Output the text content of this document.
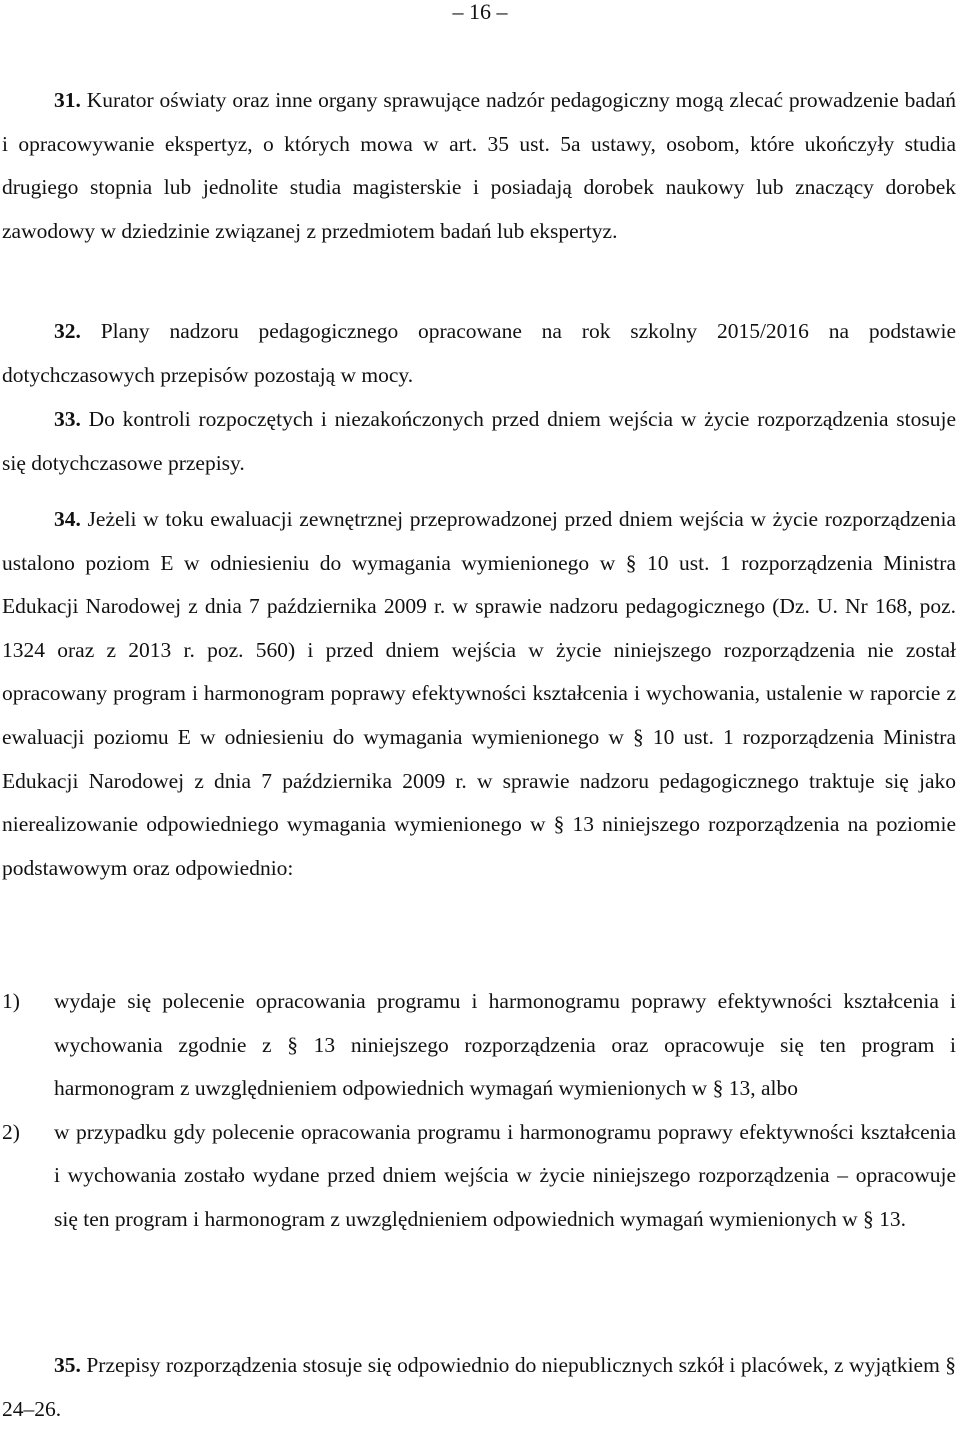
– 16 –

31. Kurator oświaty oraz inne organy sprawujące nadzór pedagogiczny mogą zlecać prowadzenie badań i opracowywanie ekspertyz, o których mowa w art. 35 ust. 5a ustawy, osobom, które ukończyły studia drugiego stopnia lub jednolite studia magisterskie i posiadają dorobek naukowy lub znaczący dorobek zawodowy w dziedzinie związanej z przedmiotem badań lub ekspertyz.

32. Plany nadzoru pedagogicznego opracowane na rok szkolny 2015/2016 na podstawie dotychczasowych przepisów pozostają w mocy.

33. Do kontroli rozpoczętych i niezakończonych przed dniem wejścia w życie rozporządzenia stosuje się dotychczasowe przepisy.

34. Jeżeli w toku ewaluacji zewnętrznej przeprowadzonej przed dniem wejścia w życie rozporządzenia ustalono poziom E w odniesieniu do wymagania wymienionego w § 10 ust. 1 rozporządzenia Ministra Edukacji Narodowej z dnia 7 października 2009 r. w sprawie nadzoru pedagogicznego (Dz. U. Nr 168, poz. 1324 oraz z 2013 r. poz. 560) i przed dniem wejścia w życie niniejszego rozporządzenia nie został opracowany program i harmonogram poprawy efektywności kształcenia i wychowania, ustalenie w raporcie z ewaluacji poziomu E w odniesieniu do wymagania wymienionego w § 10 ust. 1 rozporządzenia Ministra Edukacji Narodowej z dnia 7 października 2009 r. w sprawie nadzoru pedagogicznego traktuje się jako nierealizowanie odpowiedniego wymagania wymienionego w § 13 niniejszego rozporządzenia na poziomie podstawowym oraz odpowiednio:

1)	wydaje się polecenie opracowania programu i harmonogramu poprawy efektywności kształcenia i wychowania zgodnie z § 13 niniejszego rozporządzenia oraz opracowuje się ten program i harmonogram z uwzględnieniem odpowiednich wymagań wymienionych w § 13, albo
2)	w przypadku gdy polecenie opracowania programu i harmonogramu poprawy efektywności kształcenia i wychowania zostało wydane przed dniem wejścia w życie niniejszego rozporządzenia – opracowuje się ten program i harmonogram z uwzględnieniem odpowiednich wymagań wymienionych w § 13.

35. Przepisy rozporządzenia stosuje się odpowiednio do niepublicznych szkół i placówek, z wyjątkiem § 24–26.
